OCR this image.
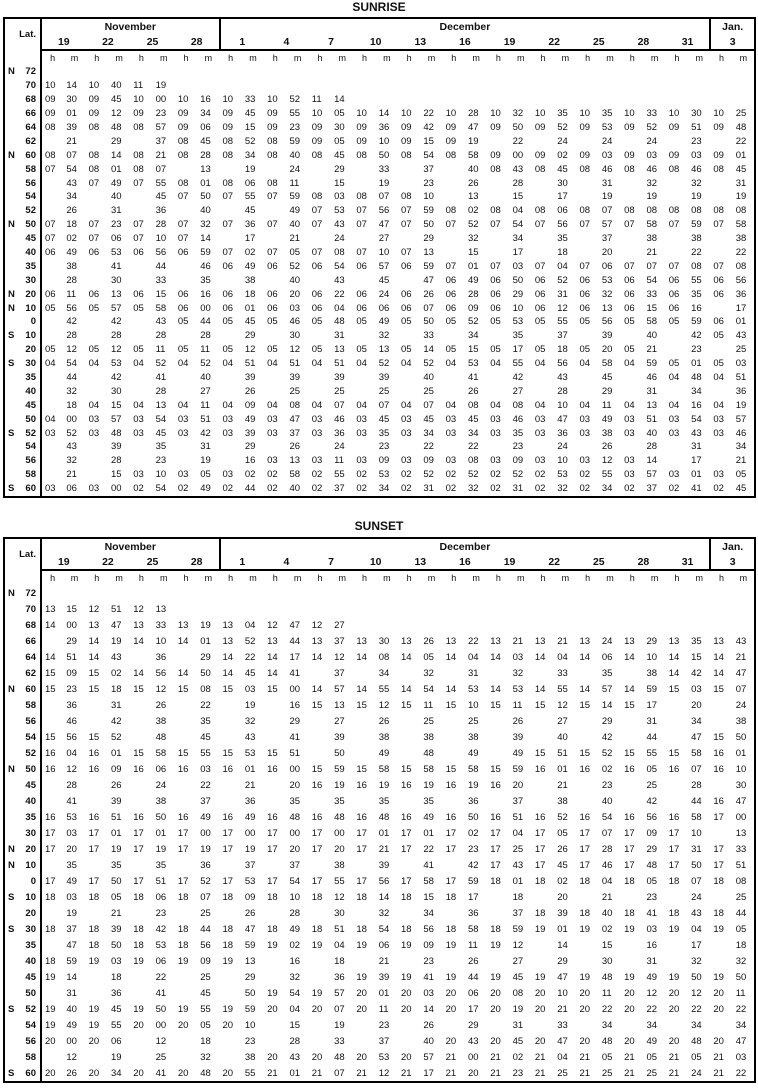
SUNRISE
Lat.	November								December																						Jan.	
	19		22		25		28		1		4		7		10		13		16		19		22		25		28		31		3	
	h	m	h	m	h	m	h	m	h	m	h	m	h	m	h	m	h	m	h	m	h	m	h	m	h	m	h	m	h	m	h	m

N 72																																

70	10	14	10	40	11	19																										

68	09	30	09	45	10	00	10	16	10	33	10	52	11	14																		

66	09	01	09	12	09	23	09	34	09	45	09	55	10	05	10	14	10	22	10	28	10	32	10	35	10	35	10	33	10	30	10	25

64	08	39	08	48	08	57	09	06	09	15	09	23	09	30	09	36	09	42	09	47	09	50	09	52	09	53	09	52	09	51	09	48

62		21		29		37	08	45	08	52	08	59	09	05	09	10	09	15	09	19		22		24		24		24		23		22

N 60	08	07	08	14	08	21	08	28	08	34	08	40	08	45	08	50	08	54	08	58	09	00	09	02	09	03	09	03	09	03	09	01

58	07	54	08	01	08	07		13		19		24		29		33		37		40	08	43	08	45	08	46	08	46	08	46	08	45

56		43	07	49	07	55	08	01	08	06	08	11		15		19		23		26		28		30		31		32		32		31

54		34		40		45	07	50	07	55	07	59	08	03	08	07	08	10		13		15		17		19		19		19		19

52		26		31		36		40		45		49	07	53	07	56	07	59	08	02	08	04	08	06	08	07	08	08	08	08	08	08

N 50	07	18	07	23	07	28	07	32	07	36	07	40	07	43	07	47	07	50	07	52	07	54	07	56	07	57	07	58	07	59	07	58

45	07	02	07	06	07	10	07	14		17		21		24		27		29		32		34		35		37		38		38		38

40	06	49	06	53	06	56	06	59	07	02	07	05	07	08	07	10	07	13		15		17		18		20		21		22		22

35		38		41		44		46	06	49	06	52	06	54	06	57	06	59	07	01	07	03	07	04	07	06	07	07	07	08	07	08

30		28		30		33		35		38		40		43		45		47	06	49	06	50	06	52	06	53	06	54	06	55	06	56

N 20	06	11	06	13	06	15	06	16	06	18	06	20	06	22	06	24	06	26	06	28	06	29	06	31	06	32	06	33	06	35	06	36

N 10	05	56	05	57	05	58	06	00	06	01	06	03	06	04	06	06	06	07	06	09	06	10	06	12	06	13	06	15	06	16		17

0		42		42		43	05	44	05	45	05	46	05	48	05	49	05	50	05	52	05	53	05	55	05	56	05	58	05	59	06	01

S 10		28		28		28		28		29		30		31		32		33		34		35		37		39		40		42	05	43

20	05	12	05	12	05	11	05	11	05	12	05	12	05	13	05	13	05	14	05	15	05	17	05	18	05	20	05	21		23		25

S 30	04	54	04	53	04	52	04	52	04	51	04	51	04	51	04	52	04	52	04	53	04	55	04	56	04	58	04	59	05	01	05	03

35		44		42		41		40		39		39		39		39		40		41		42		43		45		46	04	48	04	51

40		32		30		28		27		26		25		25		25		25		26		27		28		29		31		34		36

45		18	04	15	04	13	04	11	04	09	04	08	04	07	04	07	04	07	04	08	04	08	04	10	04	11	04	13	04	16	04	19

50	04	00	03	57	03	54	03	51	03	49	03	47	03	46	03	45	03	45	03	45	03	46	03	47	03	49	03	51	03	54	03	57

S 52	03	52	03	48	03	45	03	42	03	39	03	37	03	36	03	35	03	34	03	34	03	35	03	36	03	38	03	40	03	43	03	46

54		43		39		35		31		29		26		24		23		22		22		23		24		26		28		31		34

56		32		28		23		19		16	03	13	03	11	03	09	03	09	03	08	03	09	03	10	03	12	03	14		17		21

58		21		15	03	10	03	05	03	02	02	58	02	55	02	53	02	52	02	52	02	52	02	53	02	55	03	57	03	01	03	05

S 60	03	06	03	00	02	54	02	49	02	44	02	40	02	37	02	34	02	31	02	32	02	31	02	32	02	34	02	37	02	41	02	45
SUNSET
Lat.	November								December																						Jan.	
	19		22		25		28		1		4		7		10		13		16		19		22		25		28		31		3	
	h	m	h	m	h	m	h	m	h	m	h	m	h	m	h	m	h	m	h	m	h	m	h	m	h	m	h	m	h	m	h	m

N 72																																

70	13	15	12	51	12	13																										

68	14	00	13	47	13	33	13	19	13	04	12	47	12	27																		

66		29	14	19	14	10	14	01	13	52	13	44	13	37	13	30	13	26	13	22	13	21	13	21	13	24	13	29	13	35	13	43

64	14	51	14	43		36		29	14	22	14	17	14	12	14	08	14	05	14	04	14	03	14	04	14	06	14	10	14	15	14	21

62	15	09	15	02	14	56	14	50	14	45	14	41		37		34		32		31		32		33		35		38	14	42	14	47

N 60	15	23	15	18	15	12	15	08	15	03	15	00	14	57	14	55	14	54	14	53	14	53	14	55	14	57	14	59	15	03	15	07

58		36		31		26		22		19		16	15	13	15	12	15	11	15	10	15	11	15	12	15	14	15	17		20		24

56		46		42		38		35		32		29		27		26		25		25		26		27		29		31		34		38

54	15	56	15	52		48		45		43		41		39		38		38		38		39		40		42		44		47	15	50

52	16	04	16	01	15	58	15	55	15	53	15	51		50		49		48		49		49	15	51	15	52	15	55	15	58	16	01

N 50	16	12	16	09	16	06	16	03	16	01	16	00	15	59	15	58	15	58	15	58	15	59	16	01	16	02	16	05	16	07	16	10

45		28		26		24		22		21		20	16	19	16	19	16	19	16	19	16	20		21		23		25		28		30

40		41		39		38		37		36		35		35		35		35		36		37		38		40		42		44	16	47

35	16	53	16	51	16	50	16	49	16	49	16	48	16	48	16	48	16	49	16	50	16	51	16	52	16	54	16	56	16	58	17	00

30	17	03	17	01	17	01	17	00	17	00	17	00	17	00	17	01	17	01	17	02	17	04	17	05	17	07	17	09	17	10		13

N 20	17	20	17	19	17	19	17	19	17	19	17	20	17	20	17	21	17	22	17	23	17	25	17	26	17	28	17	29	17	31	17	33

N 10		35		35		35		36		37		37		38		39		41		42	17	43	17	45	17	46	17	48	17	50	17	51

0	17	49	17	50	17	51	17	52	17	53	17	54	17	55	17	56	17	58	17	59	18	01	18	02	18	04	18	05	18	07	18	08

S 10	18	03	18	05	18	06	18	07	18	09	18	10	18	12	18	14	18	15	18	17		18		20		21		23		24		25

20		19		21		23		25		26		28		30		32		34		36		37	18	39	18	40	18	41	18	43	18	44

S 30	18	37	18	39	18	42	18	44	18	47	18	49	18	51	18	54	18	56	18	58	18	59	19	01	19	02	19	03	19	04	19	05

35		47	18	50	18	53	18	56	18	59	19	02	19	04	19	06	19	09	19	11	19	12		14		15		16		17		18

40	18	59	19	03	19	06	19	09	19	13		16		18		21		23		26		27		29		30		31		32		32

45	19	14		18		22		25		29		32		36	19	39	19	41	19	44	19	45	19	47	19	48	19	49	19	50	19	50

50		31		36		41		45		50	19	54	19	57	20	01	20	03	20	06	20	08	20	10	20	11	20	12	20	12	20	11

S 52	19	40	19	45	19	50	19	55	19	59	20	04	20	07	20	11	20	14	20	17	20	19	20	21	20	22	20	22	20	22	20	22

54	19	49	19	55	20	00	20	05	20	10		15		19		23		26		29		31		33		34		34		34		34

56	20	00	20	06		12		18		23		28		33		37		40	20	43	20	45	20	47	20	48	20	49	20	48	20	47

58		12		19		25		32		38	20	43	20	48	20	53	20	57	21	00	21	02	21	04	21	05	21	05	21	05	21	03

S 60	20	26	20	34	20	41	20	48	20	55	21	01	21	07	21	12	21	17	21	20	21	23	21	25	21	25	21	25	21	24	21	22
